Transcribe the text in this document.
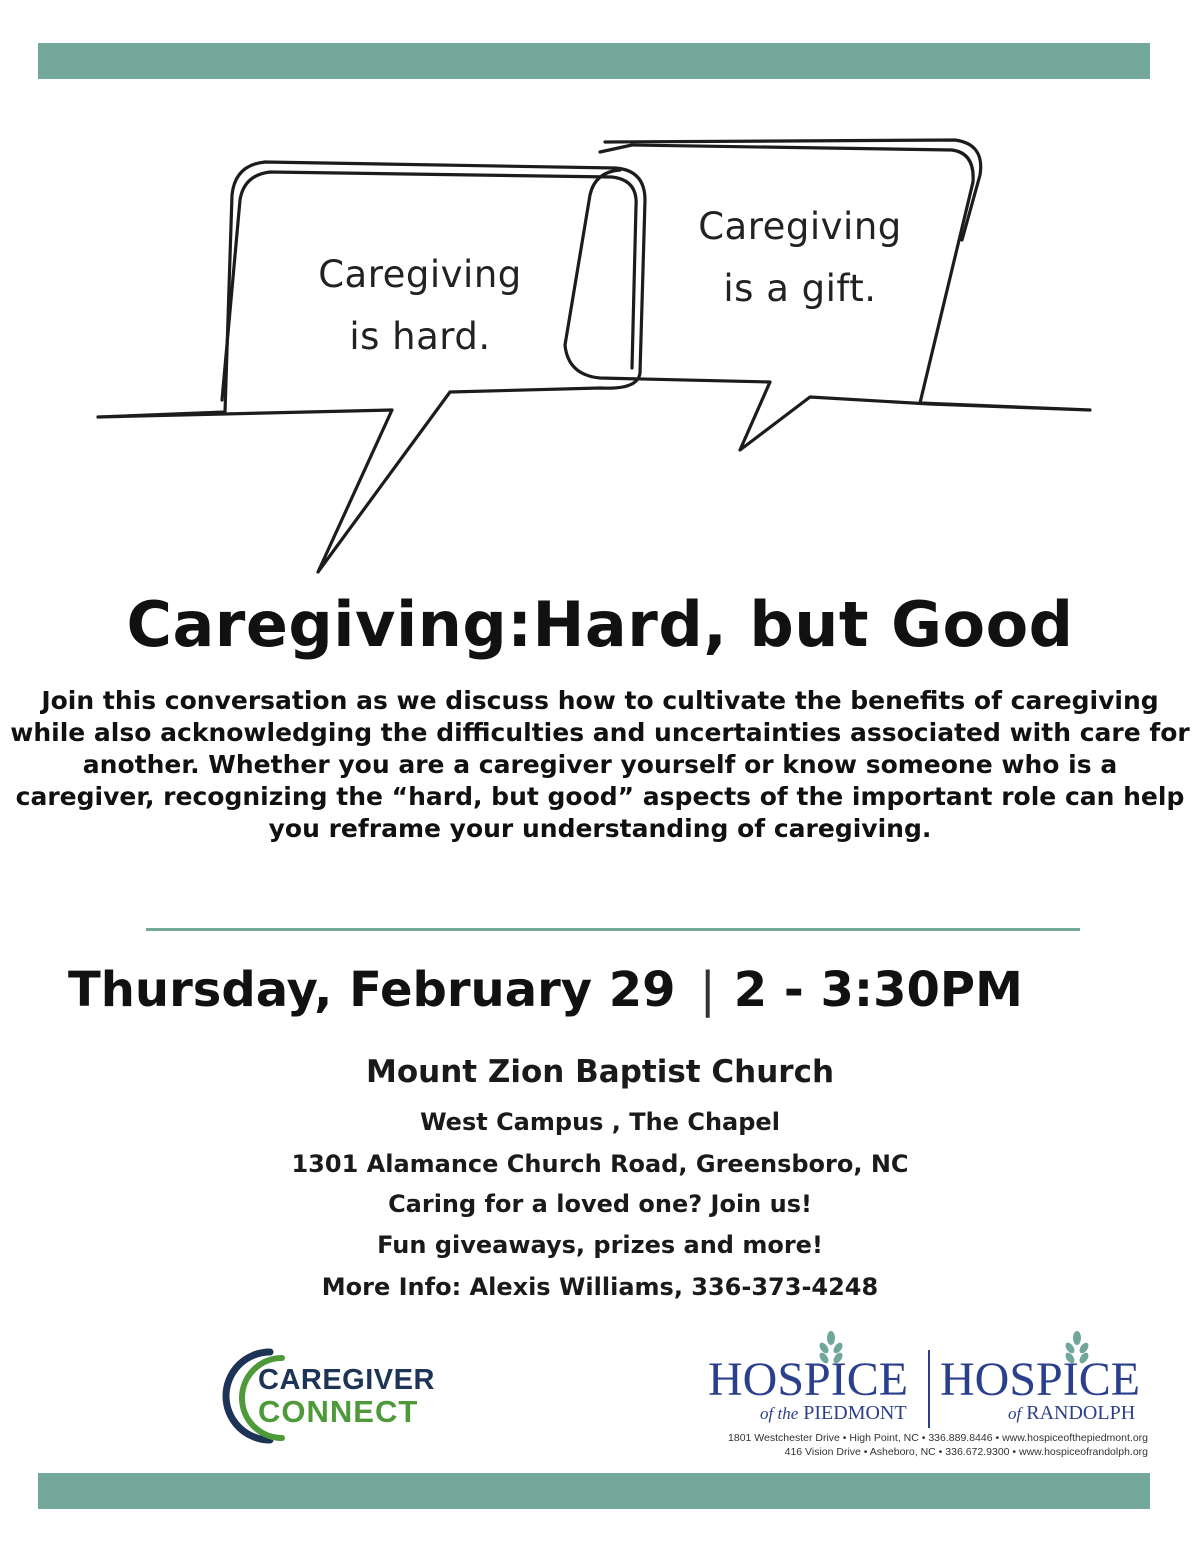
Caregiving
is hard.
Caregiving
is a gift.
Caregiving:Hard, but Good
Join this conversation as we discuss how to cultivate the benefits of caregiving while also acknowledging the difficulties and uncertainties associated with care for another. Whether you are a caregiver yourself or know someone who is a caregiver, recognizing the “hard, but good” aspects of the important role can help you reframe your understanding of caregiving.
Thursday, February 29 | 2 - 3:30PM
Mount Zion Baptist Church
West Campus , The Chapel
1301 Alamance Church Road, Greensboro, NC
Caring for a loved one? Join us!
Fun giveaways, prizes and more!
More Info: Alexis Williams, 336-373-4248
CAREGIVER
CONNECT
HOSPICE
of the PIEDMONT
HOSPICE
of RANDOLPH
1801 Westchester Drive • High Point, NC • 336.889.8446 • www.hospiceofthepiedmont.org
416 Vision Drive • Asheboro, NC • 336.672.9300 • www.hospiceofrandolph.org
